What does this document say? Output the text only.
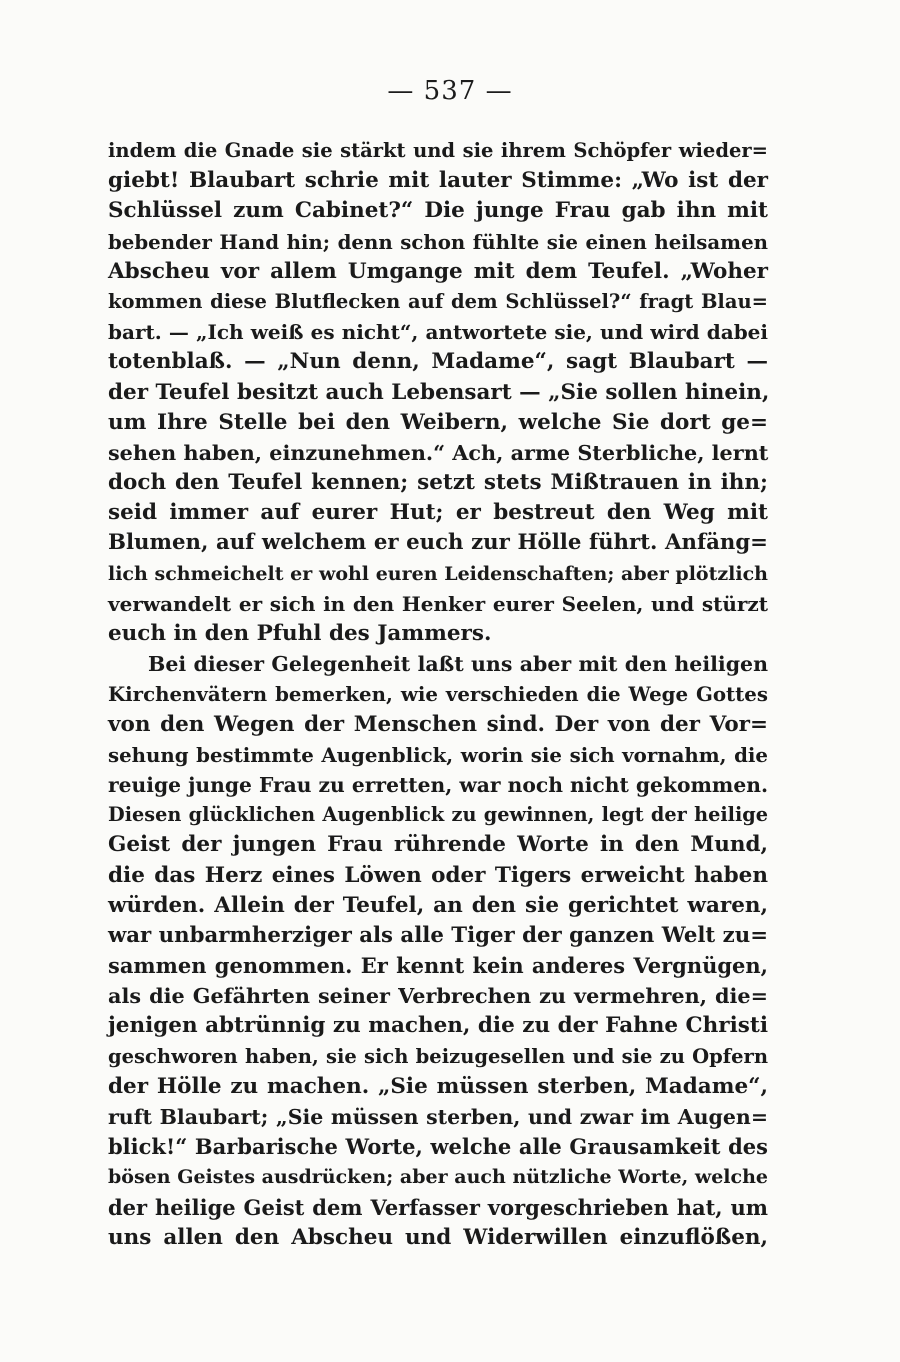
— 537 —
indem die Gnade sie stärkt und sie ihrem Schöpfer wieder=
giebt! Blaubart schrie mit lauter Stimme: „Wo ist der
Schlüssel zum Cabinet?“ Die junge Frau gab ihn mit
bebender Hand hin; denn schon fühlte sie einen heilsamen
Abscheu vor allem Umgange mit dem Teufel. „Woher
kommen diese Blutflecken auf dem Schlüssel?“ fragt Blau=
bart. — „Ich weiß es nicht“, antwortete sie, und wird dabei
totenblaß. — „Nun denn, Madame“, sagt Blaubart —
der Teufel besitzt auch Lebensart — „Sie sollen hinein,
um Ihre Stelle bei den Weibern, welche Sie dort ge=
sehen haben, einzunehmen.“ Ach, arme Sterbliche, lernt
doch den Teufel kennen; setzt stets Mißtrauen in ihn;
seid immer auf eurer Hut; er bestreut den Weg mit
Blumen, auf welchem er euch zur Hölle führt. Anfäng=
lich schmeichelt er wohl euren Leidenschaften; aber plötzlich
verwandelt er sich in den Henker eurer Seelen, und stürzt
euch in den Pfuhl des Jammers.
Bei dieser Gelegenheit laßt uns aber mit den heiligen
Kirchenvätern bemerken, wie verschieden die Wege Gottes
von den Wegen der Menschen sind. Der von der Vor=
sehung bestimmte Augenblick, worin sie sich vornahm, die
reuige junge Frau zu erretten, war noch nicht gekommen.
Diesen glücklichen Augenblick zu gewinnen, legt der heilige
Geist der jungen Frau rührende Worte in den Mund,
die das Herz eines Löwen oder Tigers erweicht haben
würden. Allein der Teufel, an den sie gerichtet waren,
war unbarmherziger als alle Tiger der ganzen Welt zu=
sammen genommen. Er kennt kein anderes Vergnügen,
als die Gefährten seiner Verbrechen zu vermehren, die=
jenigen abtrünnig zu machen, die zu der Fahne Christi
geschworen haben, sie sich beizugesellen und sie zu Opfern
der Hölle zu machen. „Sie müssen sterben, Madame“,
ruft Blaubart; „Sie müssen sterben, und zwar im Augen=
blick!“ Barbarische Worte, welche alle Grausamkeit des
bösen Geistes ausdrücken; aber auch nützliche Worte, welche
der heilige Geist dem Verfasser vorgeschrieben hat, um
uns allen den Abscheu und Widerwillen einzuflößen,
